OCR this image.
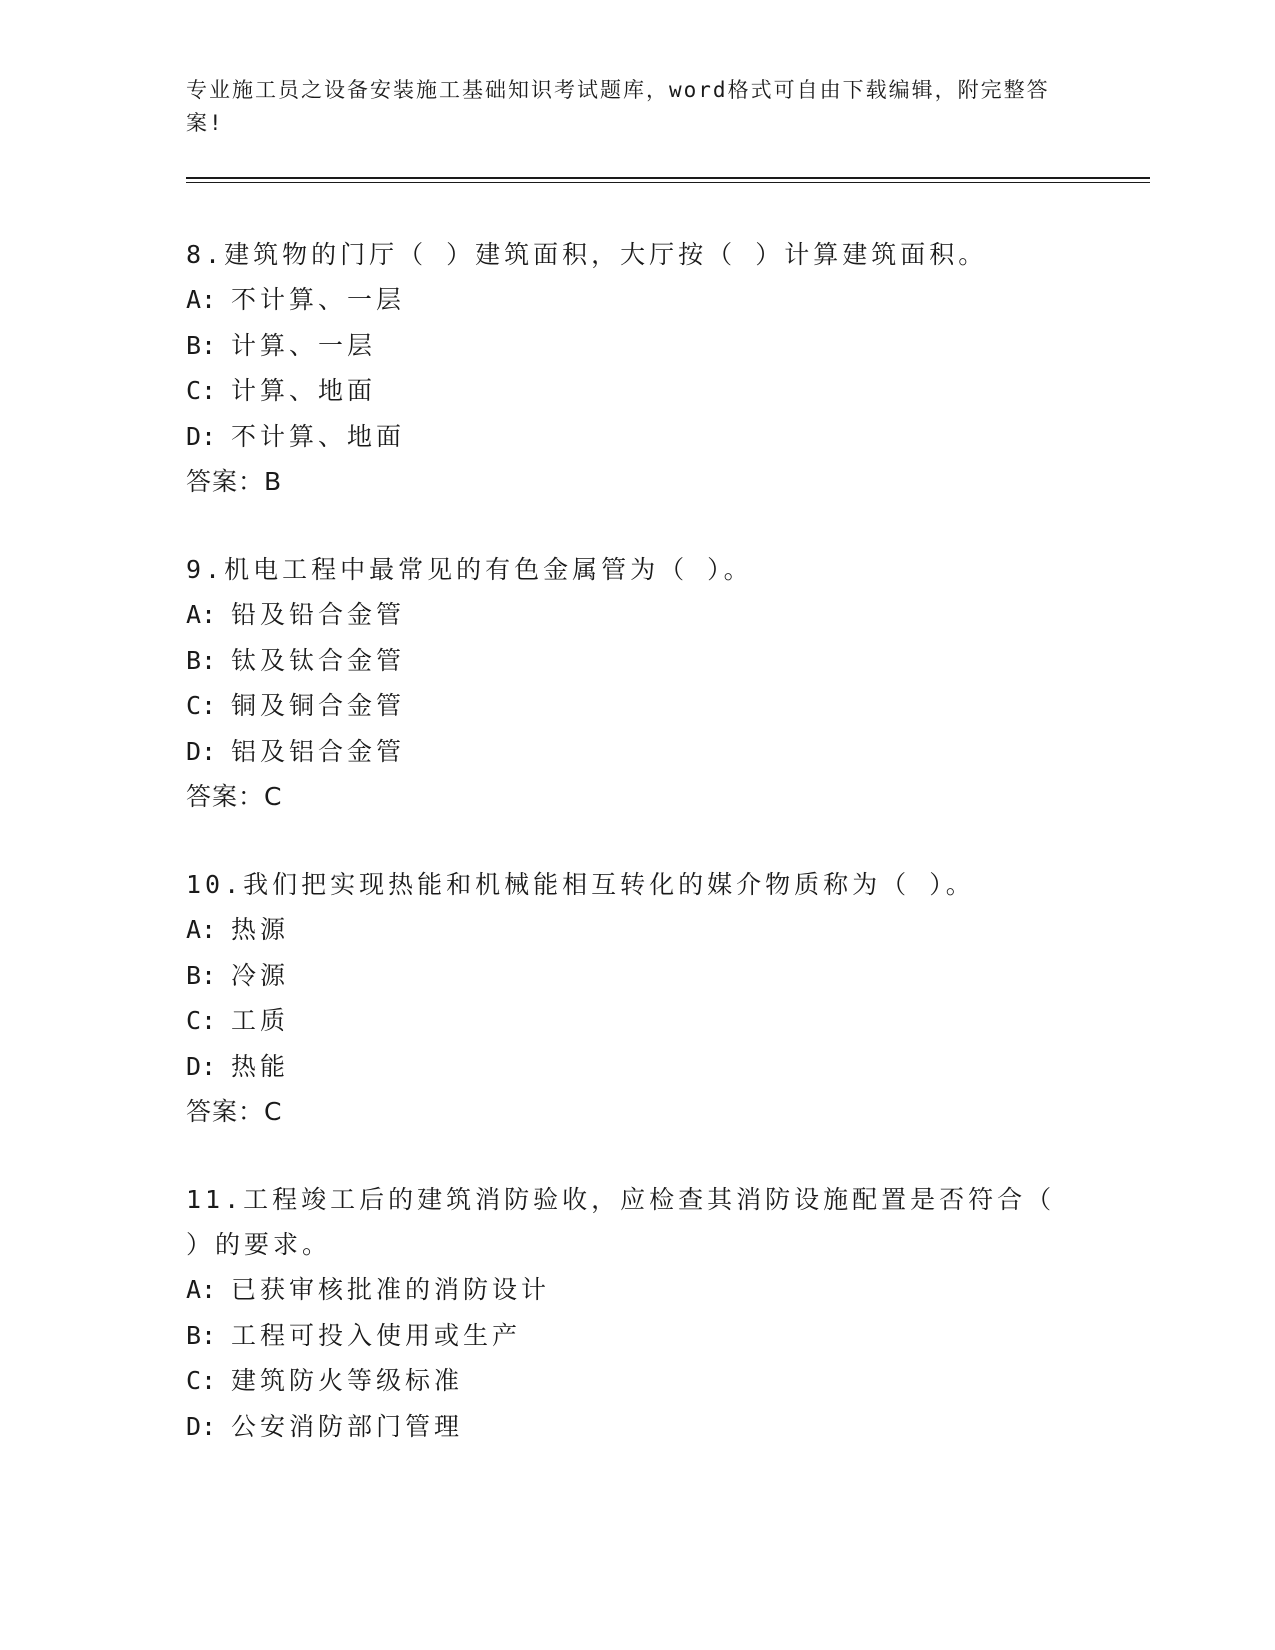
专业施工员之设备安装施工基础知识考试题库，word格式可自由下载编辑，附完整答案!
8.建筑物的门厅（ ）建筑面积，大厅按（ ）计算建筑面积。
A: 不计算、一层
B: 计算、一层
C: 计算、地面
D: 不计算、地面
答案：B
9.机电工程中最常见的有色金属管为（ ）。
A: 铅及铅合金管
B: 钛及钛合金管
C: 铜及铜合金管
D: 铝及铝合金管
答案：C
10.我们把实现热能和机械能相互转化的媒介物质称为（ ）。
A: 热源
B: 冷源
C: 工质
D: 热能
答案：C
11.工程竣工后的建筑消防验收，应检查其消防设施配置是否符合（ ）的要求。
A: 已获审核批准的消防设计
B: 工程可投入使用或生产
C: 建筑防火等级标准
D: 公安消防部门管理
